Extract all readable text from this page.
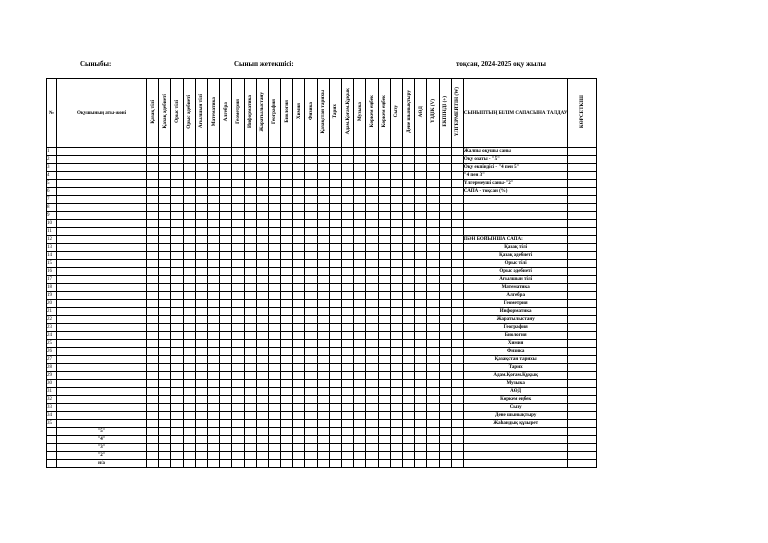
Сыныбы:	Сынып жетекшісі:	тоқсан, 2024-2025 оқу жылы
№	Оқушының аты-жөні	Қазақ тілі	Қазақ әдебиеті	Орыс тілі	Орыс әдебиеті	Ағылшын тілі	Математика	Алгебра	Геометрия	Информатика	Жаратылыстану	География	Биология	Химия	Физика	Қазақстан тарихы	Тарих	Адам.Қоғам.Құқық	Музыка	Көркем еңбек	Көркем еңбек	Сызу	Дене шынықтыру	АӨД	ҮЗДІК (V)	ЕКПІНДІ (+)	ҮЛГЕРМЕЙТІН (W)	СЫНЫПТЫҢ БІЛІМ САПАСЫНА ТАЛДАУ	КӨРСЕТКІШ
1																												Жалпы оқушы саны	
2																												Оқу озаты - "5"	
3																												Оқу екпіндісі - "4 пен 5"	
4																												"4 пен 3"	
5																												Үлгермеуші саны-"2"	
6																												САПА - тоқсан (%)	
7																													
8																													
9																													
10																													
11																													
12																												ПӘН БОЙЫНША САПА:	
13																												Қазақ тілі	
14																												Қазақ әдебиеті	
15																												Орыс тілі	
16																												Орыс әдебиеті	
17																												Ағылшын тілі	
18																												Математика	
19																												Алгебра	
20																												Геометрия	
21																												Информатика	
22																												Жаратылыстану	
23																												География	
24																												Биология	
25																												Химия	
26																												Физика	
27																												Қазақстан тарихы	
28																												Тарих	
29																												Адам.Қоғам.Құқық	
30																												Музыка	
31																												АӨД	
32																												Көркем еңбек	
33																												Сызу	
34																												Дене шынықтыру	
35																												Жаһандық құзырет	
	"5"																												
	"4"																												
	"3"																												
	"2"																												
	н/а																												
